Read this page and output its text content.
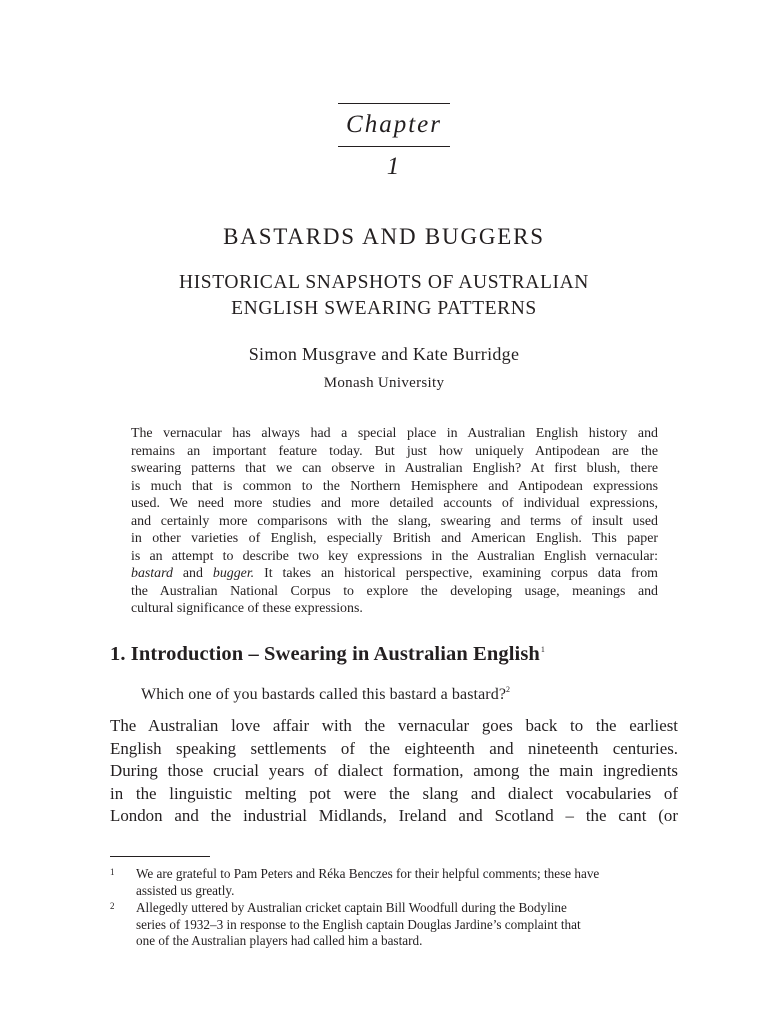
Chapter 1
BASTARDS AND BUGGERS
HISTORICAL SNAPSHOTS OF AUSTRALIAN
ENGLISH SWEARING PATTERNS
Simon Musgrave and Kate Burridge
Monash University
The vernacular has always had a special place in Australian English history and
remains an important feature today. But just how uniquely Antipodean are the
swearing patterns that we can observe in Australian English? At first blush, there
is much that is common to the Northern Hemisphere and Antipodean expressions
used. We need more studies and more detailed accounts of individual expressions,
and certainly more comparisons with the slang, swearing and terms of insult used
in other varieties of English, especially British and American English. This paper
is an attempt to describe two key expressions in the Australian English vernacular:
bastard and bugger. It takes an historical perspective, examining corpus data from
the Australian National Corpus to explore the developing usage, meanings and
cultural significance of these expressions.
1. Introduction – Swearing in Australian English$^1$
Which one of you bastards called this bastard a bastard?$^2$
The Australian love affair with the vernacular goes back to the earliest
English speaking settlements of the eighteenth and nineteenth centuries.
During those crucial years of dialect formation, among the main ingredients
in the linguistic melting pot were the slang and dialect vocabularies of
London and the industrial Midlands, Ireland and Scotland – the cant (or
1 We are grateful to Pam Peters and Réka Benczes for their helpful comments; these have
assisted us greatly.
2 Allegedly uttered by Australian cricket captain Bill Woodfull during the Bodyline
series of 1932–3 in response to the English captain Douglas Jardine’s complaint that
one of the Australian players had called him a bastard.
